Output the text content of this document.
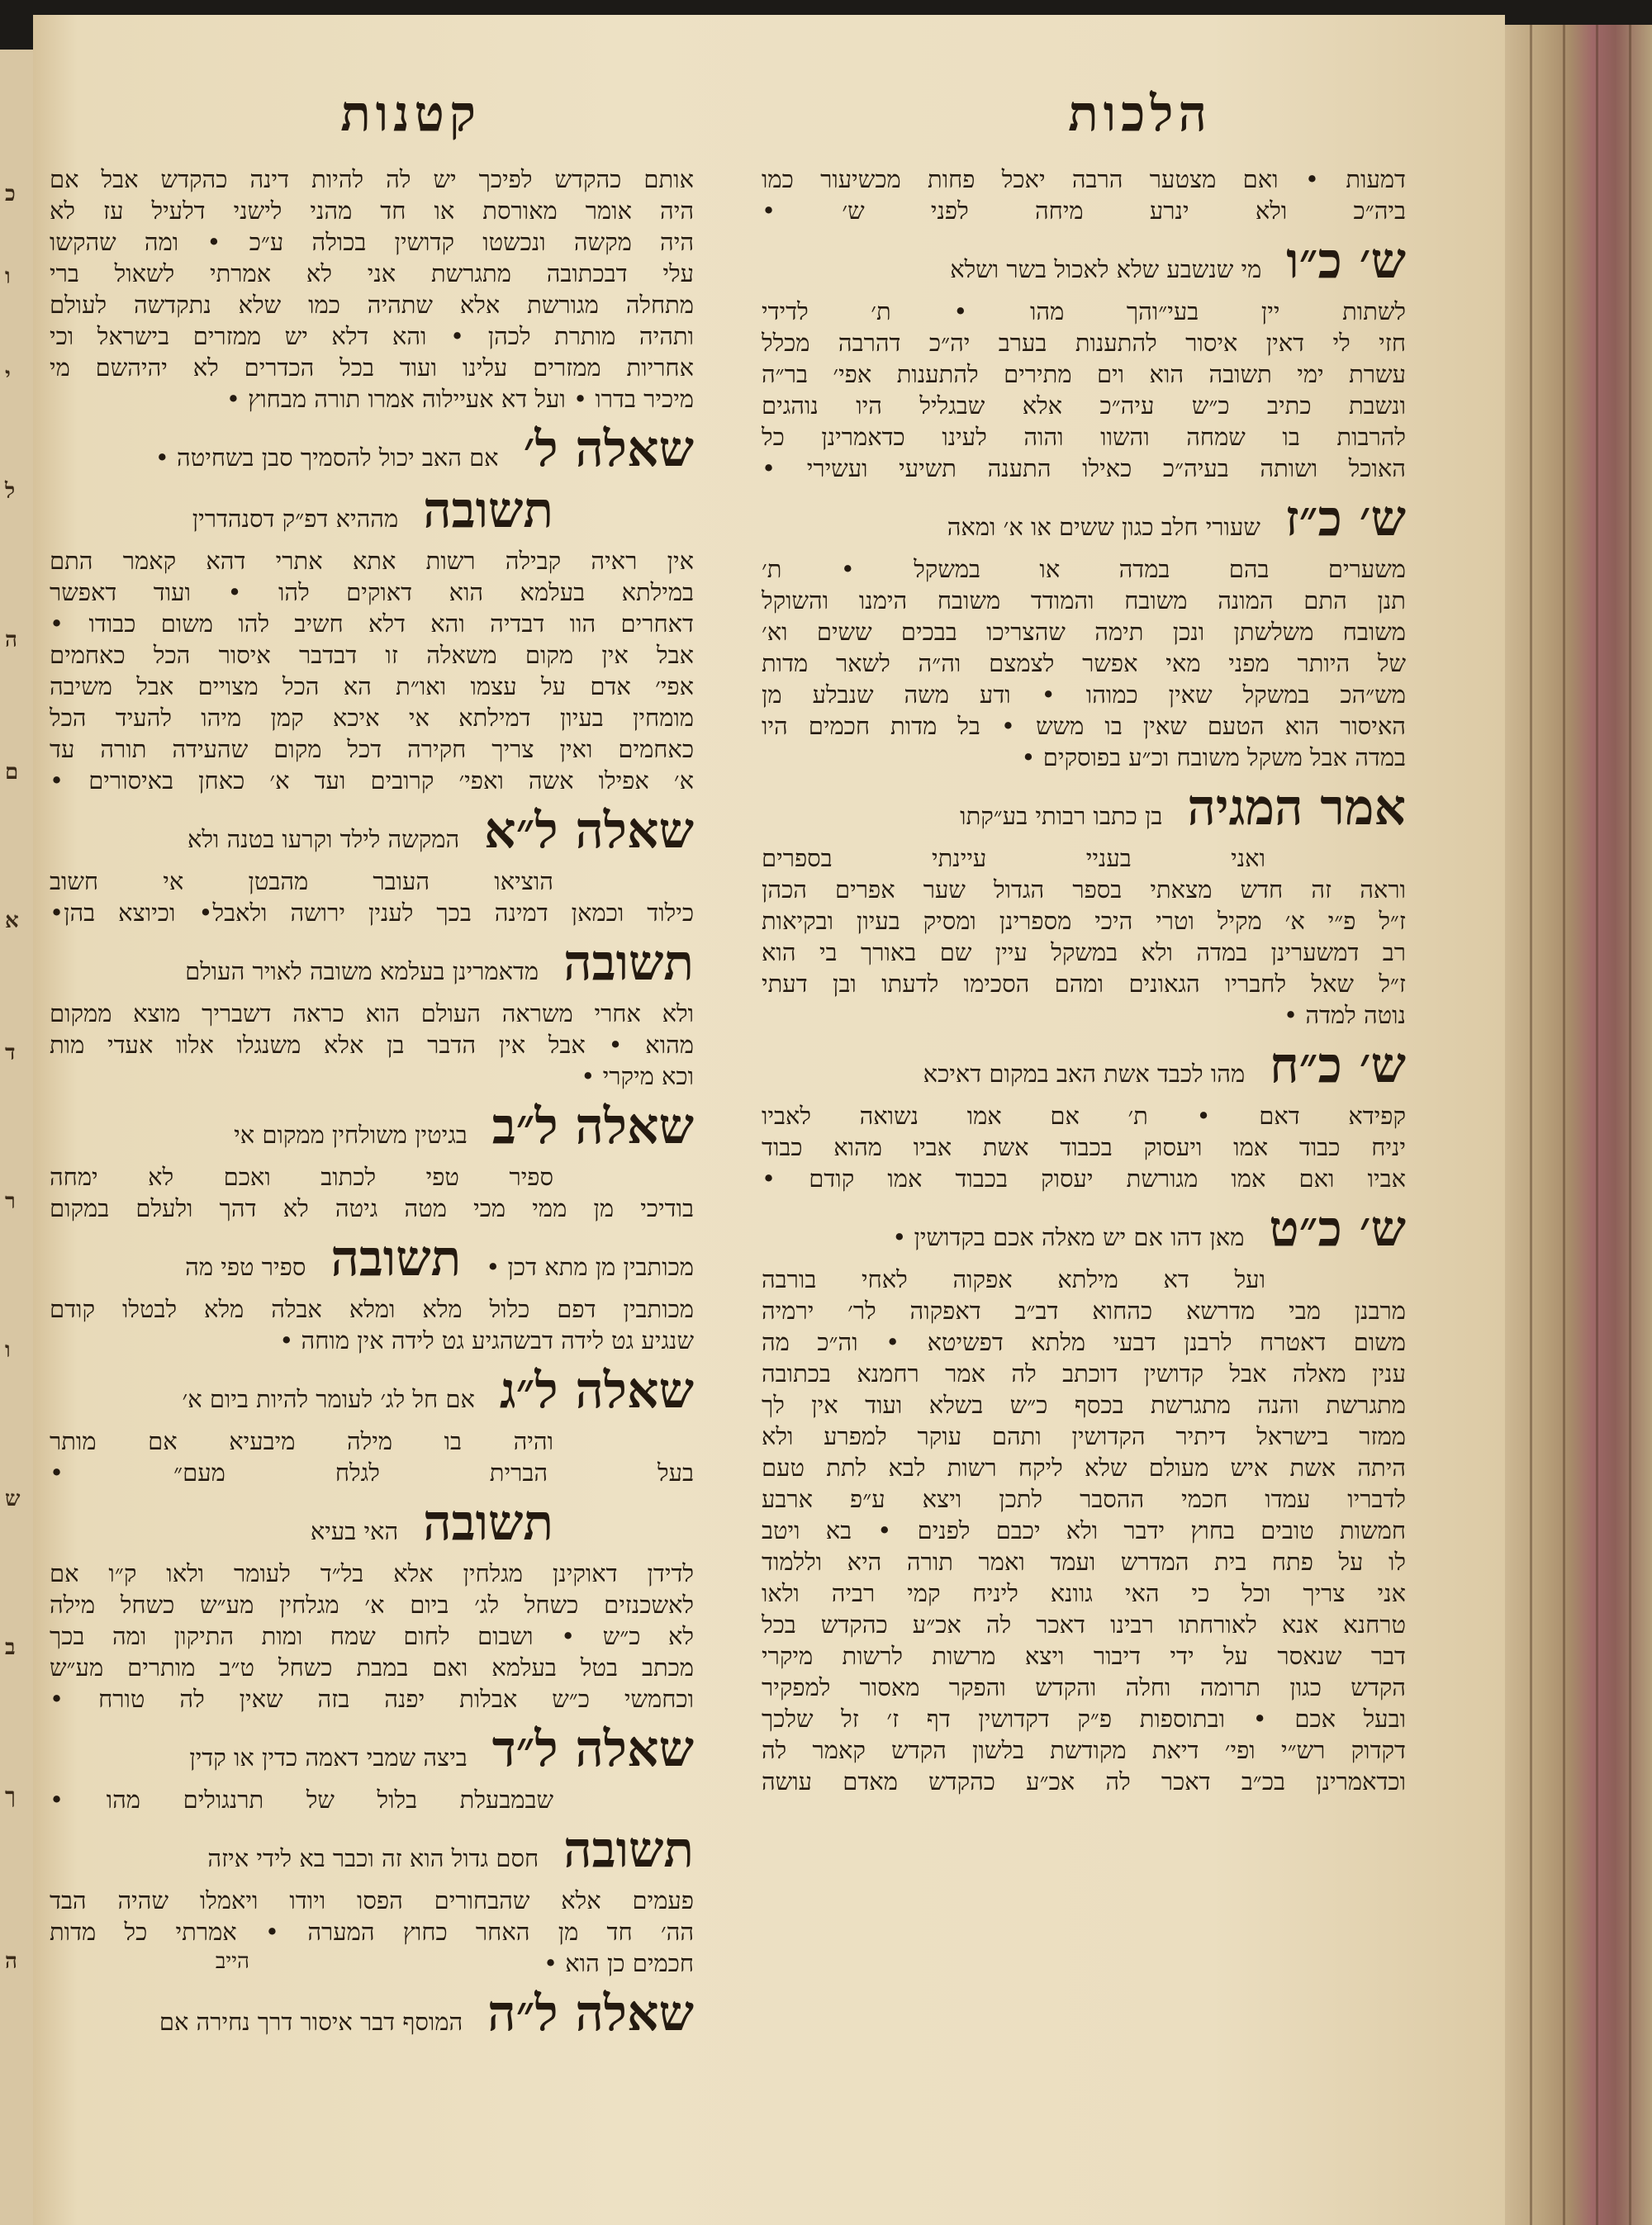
כ
ו
י
ל
ה
ם
א
ד
ר
ו
ש
ב
ך
ה
הלכות
קטנות
דמעות • ואם מצטער הרבה יאכל פחות מכשיעור כמו
ביה״כ ולא ינרע מיחה לפני ש׳ •
ש׳ כ״ו
מי שנשבע שלא לאכול בשר ושלא
לשתות יין בעי״והך מהו • ת׳ לדידי
חזי לי דאין איסור להתענות בערב יה״כ דהרבה מכלל
עשרת ימי תשובה הוא וים מתירים להתענות אפי׳ בר״ה
ונשבת כתיב כ״ש עיה״כ אלא שבגליל היו נוהגים
להרבות בו שמחה והשוו והוה לעינו כדאמרינן כל
האוכל ושותה בעיה״כ כאילו התענה תשיעי ועשירי •
ש׳ כ״ז
שעורי חלב כגון ששים או א׳ ומאה
משערים בהם במדה או במשקל • ת׳
תנן התם המונה משובח והמודד משובח הימנו והשוקל
משובח משלשתן ונכן תימה שהצריכו בבכים ששים וא׳
של היותר מפני מאי אפשר לצמצם וה״ה לשאר מדות
מש״הכ במשקל שאין כמוהו • ודע משה שנבלע מן
האיסור הוא הטעם שאין בו משש • בל מדות חכמים היו
במדה אבל משקל משובח וכ״ע בפוסקים •
אמר המגיה
בן כתבו רבותי בע״קתו
ואני בעניי עיינתי בספרים
וראה זה חדש מצאתי בספר הגדול שער אפרים הכהן
ז״ל פ״י א׳ מקיל וטרי היכי מספרינן ומסיק בעיון ובקיאות
רב דמשערינן במדה ולא במשקל עיין שם באורך בי הוא
ז״ל שאל לחבריו הגאונים ומהם הסכימו לדעתו ובן דעתי
נוטה למדה •
ש׳ כ״ח
מהו לכבד אשת האב במקום דאיכא
קפידא דאם • ת׳ אם אמו נשואה לאביו
יניח כבוד אמו ויעסוק בכבוד אשת אביו מהוא כבוד
אביו ואם אמו מגורשת יעסוק בכבוד אמו קודם •
ש׳ כ״ט
מאן דהו אם יש מאלה אכם בקדושין •
ועל דא מילתא אפקוה לאחי בורבה
מרבנן מבי מדרשא כהחוא דב״ב דאפקוה לר׳ ירמיה
משום דאטרח לרבנן דבעי מלתא דפשיטא • וה״כ מה
ענין מאלה אבל קדושין דוכתב לה אמר רחמנא בכתובה
מתגרשת והנה מתגרשת בכסף כ״ש בשלא ועוד אין לך
ממזר בישראל דיתיר הקדושין ותהם עוקר למפרע ולא
היתה אשת איש מעולם שלא ליקח רשות לבא לתת טעם
לדבריו עמדו חכמי ההסבר לתכן ויצא ע״פ ארבע
חמשות טובים בחוץ ידבר ולא יכבם לפנים • בא ויטב
לו על פתח בית המדרש ועמד ואמר תורה היא וללמוד
אני צריך וכל כי האי גוונא ליניח קמי רביה ולאו
טרחנא אנא לאורחתו רבינו דאכר לה אכ״ע כהקדש בכל
דבר שנאסר על ידי דיבור ויצא מרשות לרשות מיקרי
הקדש כגון תרומה וחלה והקדש והפקר מאסור למפקיר
ובעל אכם • ובתוספות פ״ק דקדושין דף ז׳ זל שלכך
דקדוק רש״י ופי׳ דיאת מקודשת בלשון הקדש קאמר לה
וכדאמרינן בכ״ב דאכר לה אכ״ע כהקדש מאדם עושה
אותם כהקדש לפיכך יש לה להיות דינה כהקדש אבל אם
היה אומר מאורסת או חד מהני לישני דלעיל עז לא
היה מקשה ונכשטו קדושין בכולה ע״כ • ומה שהקשו
עלי דבכתובה מתגרשת אני לא אמרתי לשאול ברי
מתחלה מגורשת אלא שתהיה כמו שלא נתקדשה לעולם
ותהיה מותרת לכהן • והא דלא יש ממזרים בישראל וכי
אחריות ממזרים עלינו ועוד בכל הכדרים לא יהיהשם מי
מיכיר בדרו • ועל דא אעיילוה אמרו תורה מבחוץ •
שאלה ל׳
אם האב יכול להסמיך סבן בשחיטה •
תשובה
מההיא דפ״ק דסנהדרין
אין ראיה קבילה רשות אתא אתרי דהא קאמר התם
במילתא בעלמא הוא דאוקים להו • ועוד דאפשר
דאחרים הוו דבדיה והא דלא חשיב להו משום כבודו •
אבל אין מקום משאלה זו דבדבר איסור הכל כאחמים
אפי׳ אדם על עצמו ואו״ת הא הכל מצויים אבל משיבה
מומחין בעיון דמילתא אי איכא קמן מיהו להעיד הכל
כאחמים ואין צריך חקירה דכל מקום שהעידה תורה עד
א׳ אפילו אשה ואפי׳ קרובים ועד א׳ כאחן באיסורים •
שאלה ל״א
המקשה לילד וקרעו בטנה ולא
הוציאו העובר מהבטן אי חשוב
כילוד וכמאן דמינה בכך לענין ירושה ולאבל• וכיוצא בהן•
תשובה
מדאמרינן בעלמא משובה לאויר העולם
ולא אחרי משראה העולם הוא כראה דשבריך מוצא ממקום
מהוא • אבל אין הדבר בן אלא משנגלו אלוו אעדי מות
וכא מיקרי •
שאלה ל״ב
בגיטין משולחין ממקום אי
ספיר טפי לכתוב ואכם לא ימחה
בודיכי מן ממי מכי מטה גיטה לא דהך ולעלם במקום
מכותבין מן מתא דכן •
תשובה
ספיר טפי מה
מכותבין דפם כלול מלא ומלא אבלה מלא לבטלו קודם
שנגיע גט לידה דבשהגיע גט לידה אין מוחה •
שאלה ל״ג
אם חל לג׳ לעומר להיות ביום א׳
והיה בו מילה מיבעיא אם מותר
בעל הברית לגלח מעם״ •
תשובה
האי בעיא
לדידן דאוקינן מגלחין אלא בל״ד לעומר ולאו ק״ו אם
לאשכנזים כשחל לג׳ ביום א׳ מגלחין מע״ש כשחל מילה
לא כ״ש • ושבום לחום שמח ומות התיקון ומה בכך
מכתב בטל בעלמא ואם במבת כשחל ט״ב מותרים מע״ש
וכחמשי כ״ש אבלות יפנה בזה שאין לה טורח •
שאלה ל״ד
ביצה שמבי דאמה כדין או קדין
שבמבעלת בלול של תרנגולים מהו •
תשובה
חסם גדול הוא זה וכבר בא לידי איזה
פעמים אלא שהבחורים הפסו ויודו ויאמלו שהיה הבד
הה׳ חד מן האחר כחוץ המערה • אמרתי כל מדות
חכמים כן הוא •
שאלה ל״ה
המוסף דבר איסור דרך נחירה אם
הייב
